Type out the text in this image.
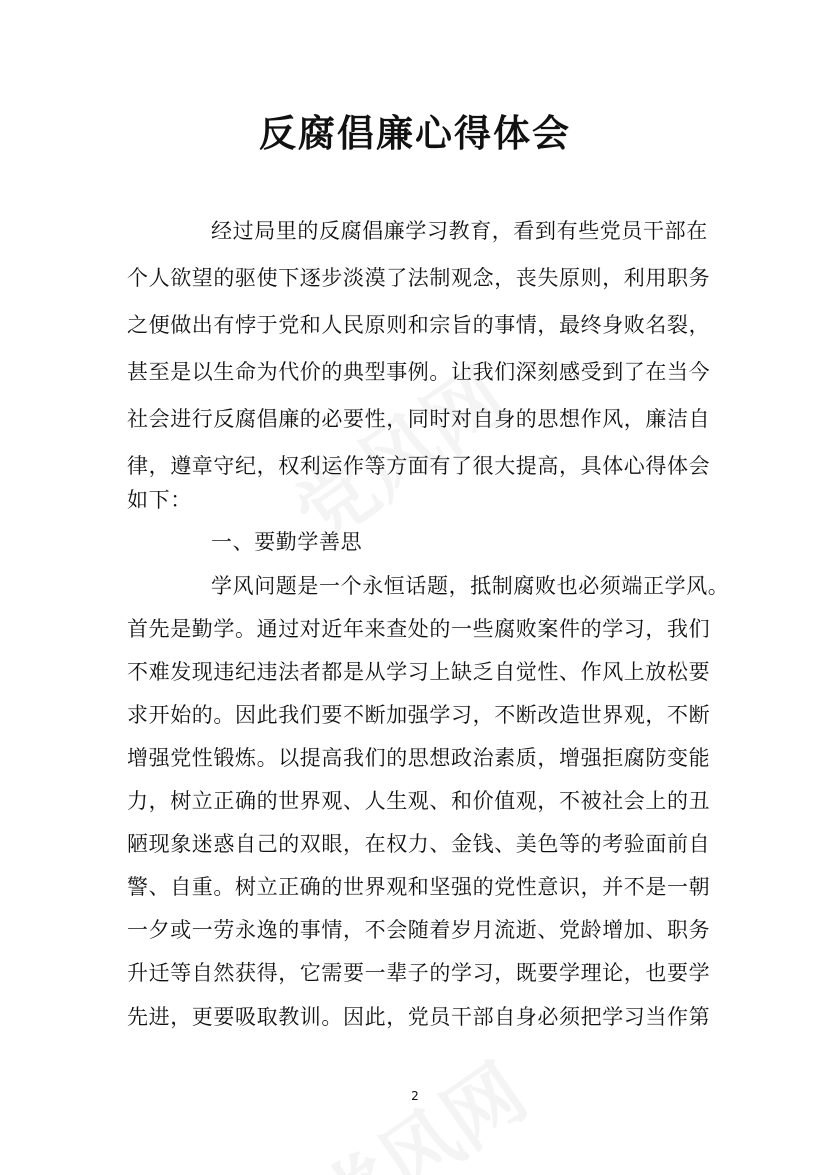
反腐倡廉心得体会

经过局里的反腐倡廉学习教育，看到有些党员干部在

个人欲望的驱使下逐步淡漠了法制观念，丧失原则，利用职务

之便做出有悖于党和人民原则和宗旨的事情，最终身败名裂，

甚至是以生命为代价的典型事例。让我们深刻感受到了在当今

社会进行反腐倡廉的必要性，同时对自身的思想作风，廉洁自

律，遵章守纪，权利运作等方面有了很大提高，具体心得体会

如下：

一、要勤学善思

学风问题是一个永恒话题，抵制腐败也必须端正学风。

首先是勤学。通过对近年来查处的一些腐败案件的学习，我们

不难发现违纪违法者都是从学习上缺乏自觉性、作风上放松要

求开始的。因此我们要不断加强学习，不断改造世界观，不断

增强党性锻炼。以提高我们的思想政治素质，增强拒腐防变能

力，树立正确的世界观、人生观、和价值观，不被社会上的丑

陋现象迷惑自己的双眼，在权力、金钱、美色等的考验面前自

警、自重。树立正确的世界观和坚强的党性意识，并不是一朝

一夕或一劳永逸的事情，不会随着岁月流逝、党龄增加、职务

升迁等自然获得，它需要一辈子的学习，既要学理论，也要学

先进，更要吸取教训。因此，党员干部自身必须把学习当作第

2
